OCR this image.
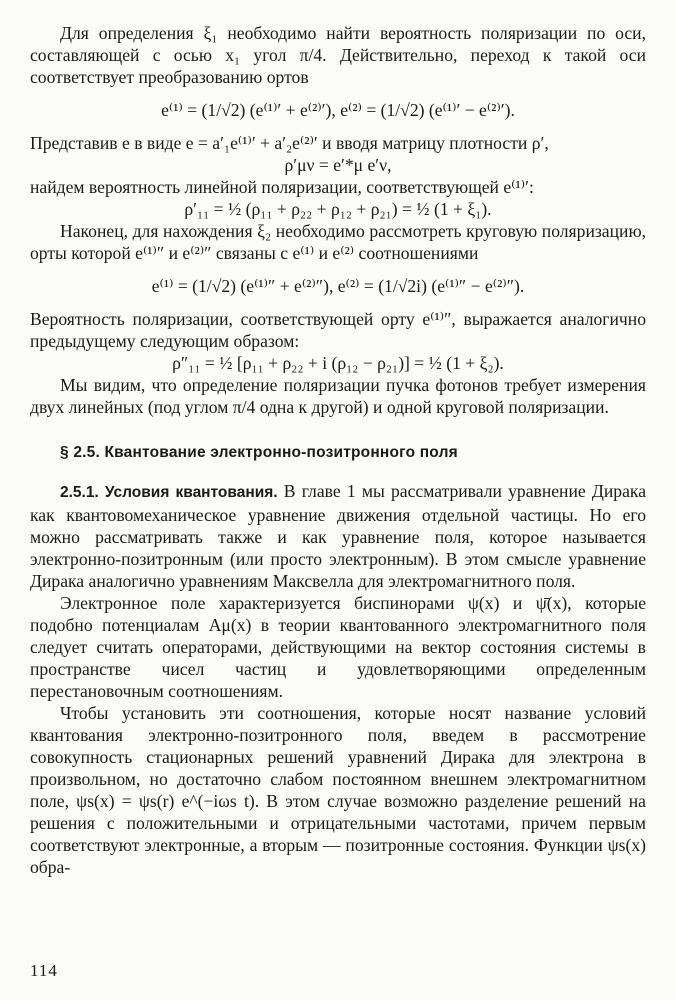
Для определения ξ₁ необходимо найти вероятность поляризации по оси, составляющей с осью x₁ угол π/4. Действительно, переход к такой оси соответствует преобразованию ортов

e⁽¹⁾ = (1/√2) (e⁽¹⁾′ + e⁽²⁾′), e⁽²⁾ = (1/√2) (e⁽¹⁾′ − e⁽²⁾′).

Представив e в виде e = a′₁e⁽¹⁾′ + a′₂e⁽²⁾′ и вводя матрицу плотности ρ′,

ρ′μν = e′*μ e′ν,

найдем вероятность линейной поляризации, соответствующей e⁽¹⁾′:

ρ′₁₁ = ½ (ρ₁₁ + ρ₂₂ + ρ₁₂ + ρ₂₁) = ½ (1 + ξ₁).

Наконец, для нахождения ξ₂ необходимо рассмотреть круговую поляризацию, орты которой e⁽¹⁾″ и e⁽²⁾″ связаны с e⁽¹⁾ и e⁽²⁾ соотношениями

e⁽¹⁾ = (1/√2) (e⁽¹⁾″ + e⁽²⁾″), e⁽²⁾ = (1/√2i) (e⁽¹⁾″ − e⁽²⁾″).

Вероятность поляризации, соответствующей орту e⁽¹⁾″, выражается аналогично предыдущему следующим образом:

ρ″₁₁ = ½ [ρ₁₁ + ρ₂₂ + i (ρ₁₂ − ρ₂₁)] = ½ (1 + ξ₂).

Мы видим, что определение поляризации пучка фотонов требует измерения двух линейных (под углом π/4 одна к другой) и одной круговой поляризации.

§ 2.5. Квантование электронно-позитронного поля

2.5.1. Условия квантования. В главе 1 мы рассматривали уравнение Дирака как квантовомеханическое уравнение движения отдельной частицы. Но его можно рассматривать также и как уравнение поля, которое называется электронно-позитронным (или просто электронным). В этом смысле уравнение Дирака аналогично уравнениям Максвелла для электромагнитного поля.

Электронное поле характеризуется биспинорами ψ(x) и ψ̄(x), которые подобно потенциалам Aμ(x) в теории квантованного электромагнитного поля следует считать операторами, действующими на вектор состояния системы в пространстве чисел частиц и удовлетворяющими определенным перестановочным соотношениям.

Чтобы установить эти соотношения, которые носят название условий квантования электронно-позитронного поля, введем в рассмотрение совокупность стационарных решений уравнений Дирака для электрона в произвольном, но достаточно слабом постоянном внешнем электромагнитном поле, ψs(x) = ψs(r) e^(−iωs t). В этом случае возможно разделение решений на решения с положительными и отрицательными частотами, причем первым соответствуют электронные, а вторым — позитронные состояния. Функции ψs(x) обра-

114
